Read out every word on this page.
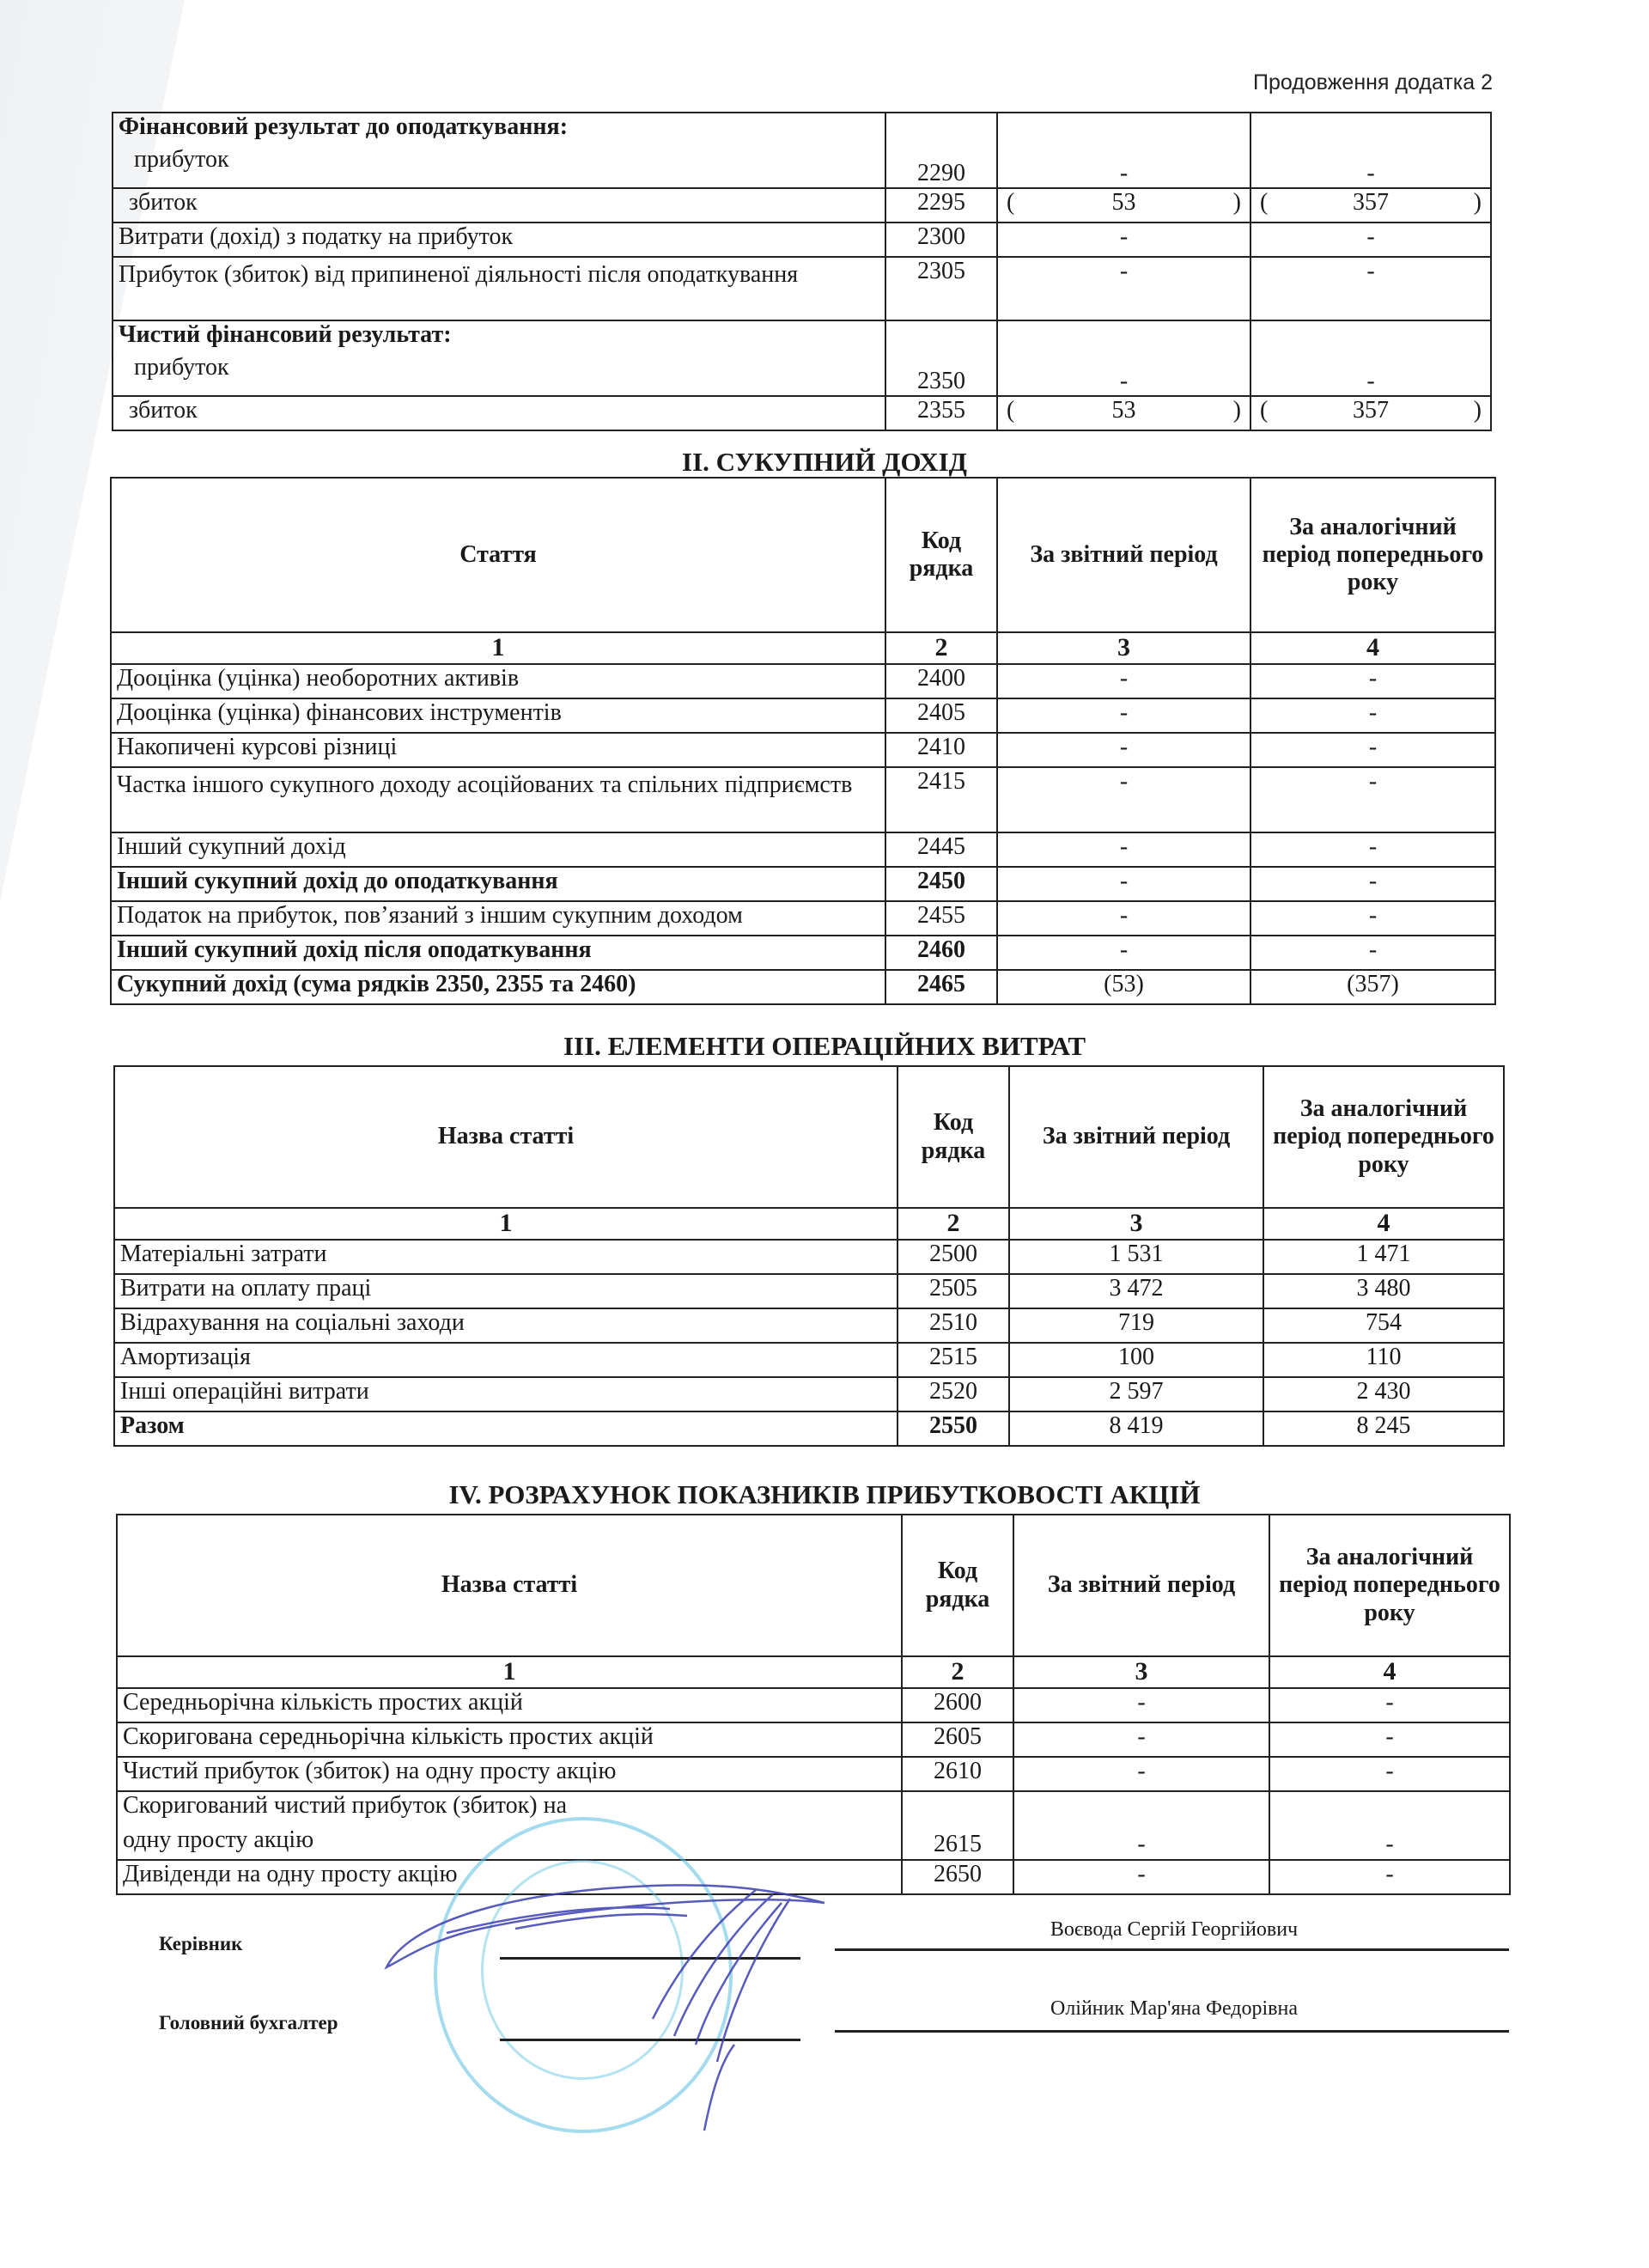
Продовження додатка 2
Фінансовий результат до оподаткування:
прибуток	2290	-	-
збиток	2295	( 53 )	( 357 )

Витрати (дохід) з податку на прибуток	2300	-	-
Прибуток (збиток) від припиненої діяльності після оподаткування	2305	-	-

Чистий фінансовий результат:
прибуток	2350	-	-
збиток	2355	( 53 )	( 357 )
II. СУКУПНИЙ ДОХІД
Стаття	Код рядка	За звітний період	За аналогічний період попереднього року
1	2	3	4
Дооцінка (уцінка) необоротних активів	2400	-	-
Дооцінка (уцінка) фінансових інструментів	2405	-	-
Накопичені курсові різниці	2410	-	-
Частка іншого сукупного доходу асоційованих та спільних підприємств	2415	-	-
Інший сукупний дохід	2445	-	-
Інший сукупний дохід до оподаткування	2450	-	-
Податок на прибуток, пов’язаний з іншим сукупним доходом	2455	-	-
Інший сукупний дохід після оподаткування	2460	-	-
Сукупний дохід (сума рядків 2350, 2355 та 2460)	2465	(53)	(357)
III. ЕЛЕМЕНТИ ОПЕРАЦІЙНИХ ВИТРАТ
Назва статті	Код рядка	За звітний період	За аналогічний період попереднього року
1	2	3	4
Матеріальні затрати	2500	1 531	1 471
Витрати на оплату праці	2505	3 472	3 480
Відрахування на соціальні заходи	2510	719	754
Амортизація	2515	100	110
Інші операційні витрати	2520	2 597	2 430
Разом	2550	8 419	8 245
IV. РОЗРАХУНОК ПОКАЗНИКІВ ПРИБУТКОВОСТІ АКЦІЙ
Назва статті	Код рядка	За звітний період	За аналогічний період попереднього року
1	2	3	4
Середньорічна кількість простих акцій	2600	-	-
Скоригована середньорічна кількість простих акцій	2605	-	-
Чистий прибуток (збиток) на одну просту акцію	2610	-	-

Скоригований чистий прибуток (збиток) на
одну просту акцію	2615	-	-
Дивіденди на одну просту акцію	2650	-	-
Керівник
Воєвода Сергій Георгійович
Головний бухгалтер
Олійник Мар'яна Федорівна
